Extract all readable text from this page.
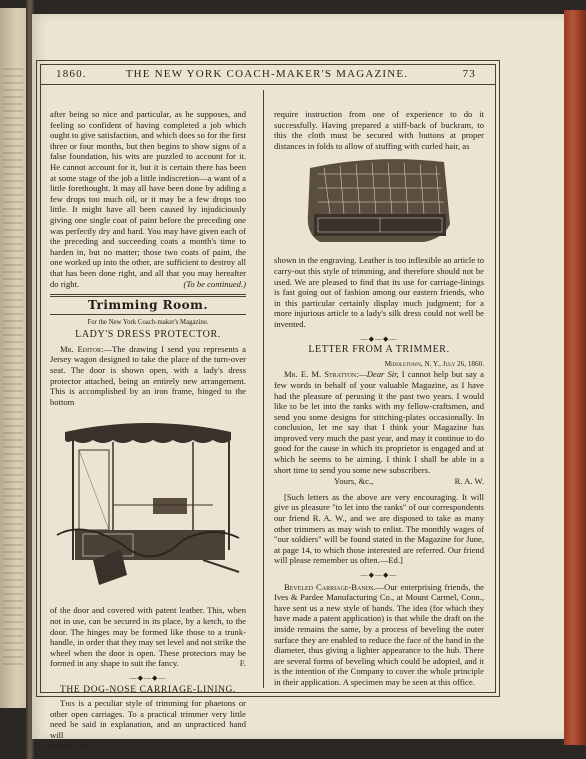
1860.	THE NEW YORK COACH-MAKER'S MAGAZINE.	73

after being so nice and particular, as he supposes, and feeling so confident of having completed a job which ought to give satisfaction, and which does so for the first three or four months, but then begins to show signs of a false foundation, his wits are puzzled to account for it. He cannot account for it, but it is certain there has been at some stage of the job a little indiscretion—a want of a little forethought. It may all have been done by adding a few drops too much oil, or it may be a few drops too little. It might have all been caused by injudiciously giving one single coat of paint before the preceding one was perfectly dry and hard. You may have given each of the preceding and succeeding coats a month's time to harden in, but no matter; those two coats of paint, the one worked up into the other, are sufficient to destroy all that has been done right, and all that you may hereafter do right.	(To be continued.)

Trimming Room.
For the New York Coach-maker's Magazine.
LADY'S DRESS PROTECTOR.

Mr. Editor:—The drawing I send you represents a Jersey wagon designed to take the place of the turn-over seat. The door is shown open, with a lady's dress protector attached, being an entirely new arrangement. This is accomplished by an iron frame, hinged to the bottom

of the door and covered with patent leather. This, when not in use, can be secured in its place, by a ketch, to the door. The hinges may be formed like those to a trunk-handle, in order that they may set level and not strike the wheel when the door is open. These protectors may be formed in any shape to suit the fancy.	F.

—◆—◆—
THE DOG-NOSE CARRIAGE-LINING.

This is a peculiar style of trimming for phaetons or other open carriages. To a practical trimmer very little need be said in explanation, and an unpracticed hand will

VOL. III.—12.

require instruction from one of experience to do it successfully. Having prepared a stiff-back of buckram, to this the cloth must be secured with buttons at proper distances in folds to allow of stuffing with curled hair, as

shown in the engraving. Leather is too inflexible an article to carry-out this style of trimming, and therefore should not be used. We are pleased to find that its use for carriage-linings is fast going out of fashion among our eastern friends, who in this particular certainly display much judgment; for a more injurious article to a lady's silk dress could not well be invented.

—◆—◆—
LETTER FROM A TRIMMER.

Middletown, N. Y., July 26, 1860.

Mr. E. M. Stratton:—Dear Sir, I cannot help but say a few words in behalf of your valuable Magazine, as I have had the pleasure of perusing it the past two years. I would like to be let into the ranks with my fellow-craftsmen, and send you some designs for stitching-plates occasionally. In conclusion, let me say that I think your Magazine has improved very much the past year, and may it continue to do good for the cause in which its proprietor is engaged and at which he seems to be aiming. I think I shall be able in a short time to send you some new subscribers.

Yours, &c.,	R. A. W.

[Such letters as the above are very encouraging. It will give us pleasure "to let into the ranks" of our correspondents our friend R. A. W., and we are disposed to take as many other trimmers as may wish to enlist. The monthly wages of "our soldiers" will be found stated in the Magazine for June, at page 14, to which those interested are referred. Our friend will please remember us often.—Ed.]

—◆—◆—

Beveled Carriage-Bands.—Our enterprising friends, the Ives & Pardee Manufacturing Co., at Mount Carmel, Conn., have sent us a new style of bands. The idea (for which they have made a patent application) is that while the draft on the inside remains the same, by a process of beveling the outer surface they are enabled to reduce the face of the band in the diameter, thus giving a lighter appearance to the hub. There are several forms of beveling which could be adopted, and it is the intention of the Company to cover the whole principle in their application. A specimen may be seen at this office.
